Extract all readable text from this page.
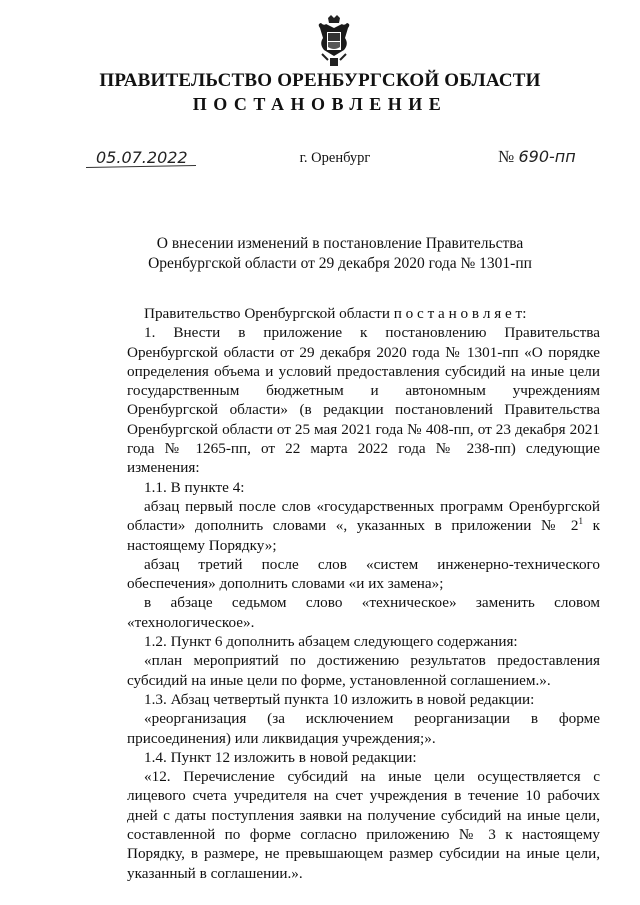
ПРАВИТЕЛЬСТВО ОРЕНБУРГСКОЙ ОБЛАСТИ
ПОСТАНОВЛЕНИЕ
05.07.2022	г. Оренбург	№ 690-пп
О внесении изменений в постановление Правительства
Оренбургской области от 29 декабря 2020 года № 1301-пп

Правительство Оренбургской области п о с т а н о в л я е т:

1. Внести в приложение к постановлению Правительства Оренбургской области от 29 декабря 2020 года № 1301-пп «О порядке определения объема и условий предоставления субсидий на иные цели государственным бюджетным и автономным учреждениям Оренбургской области» (в редакции постановлений Правительства Оренбургской области от 25 мая 2021 года № 408-пп, от 23 декабря 2021 года № 1265-пп, от 22 марта 2022 года № 238-пп) следующие изменения:

1.1. В пункте 4:

абзац первый после слов «государственных программ Оренбургской области» дополнить словами «, указанных в приложении № $2^1$ к настоящему Порядку»;

абзац третий после слов «систем инженерно-технического обеспечения» дополнить словами «и их замена»;

в абзаце седьмом слово «техническое» заменить словом «технологическое».

1.2. Пункт 6 дополнить абзацем следующего содержания:

«план мероприятий по достижению результатов предоставления субсидий на иные цели по форме, установленной соглашением.».

1.3. Абзац четвертый пункта 10 изложить в новой редакции:

«реорганизация (за исключением реорганизации в форме присоединения) или ликвидация учреждения;».

1.4. Пункт 12 изложить в новой редакции:

«12. Перечисление субсидий на иные цели осуществляется с лицевого счета учредителя на счет учреждения в течение 10 рабочих дней с даты поступления заявки на получение субсидий на иные цели, составленной по форме согласно приложению № 3 к настоящему Порядку, в размере, не превышающем размер субсидии на иные цели, указанный в соглашении.».
